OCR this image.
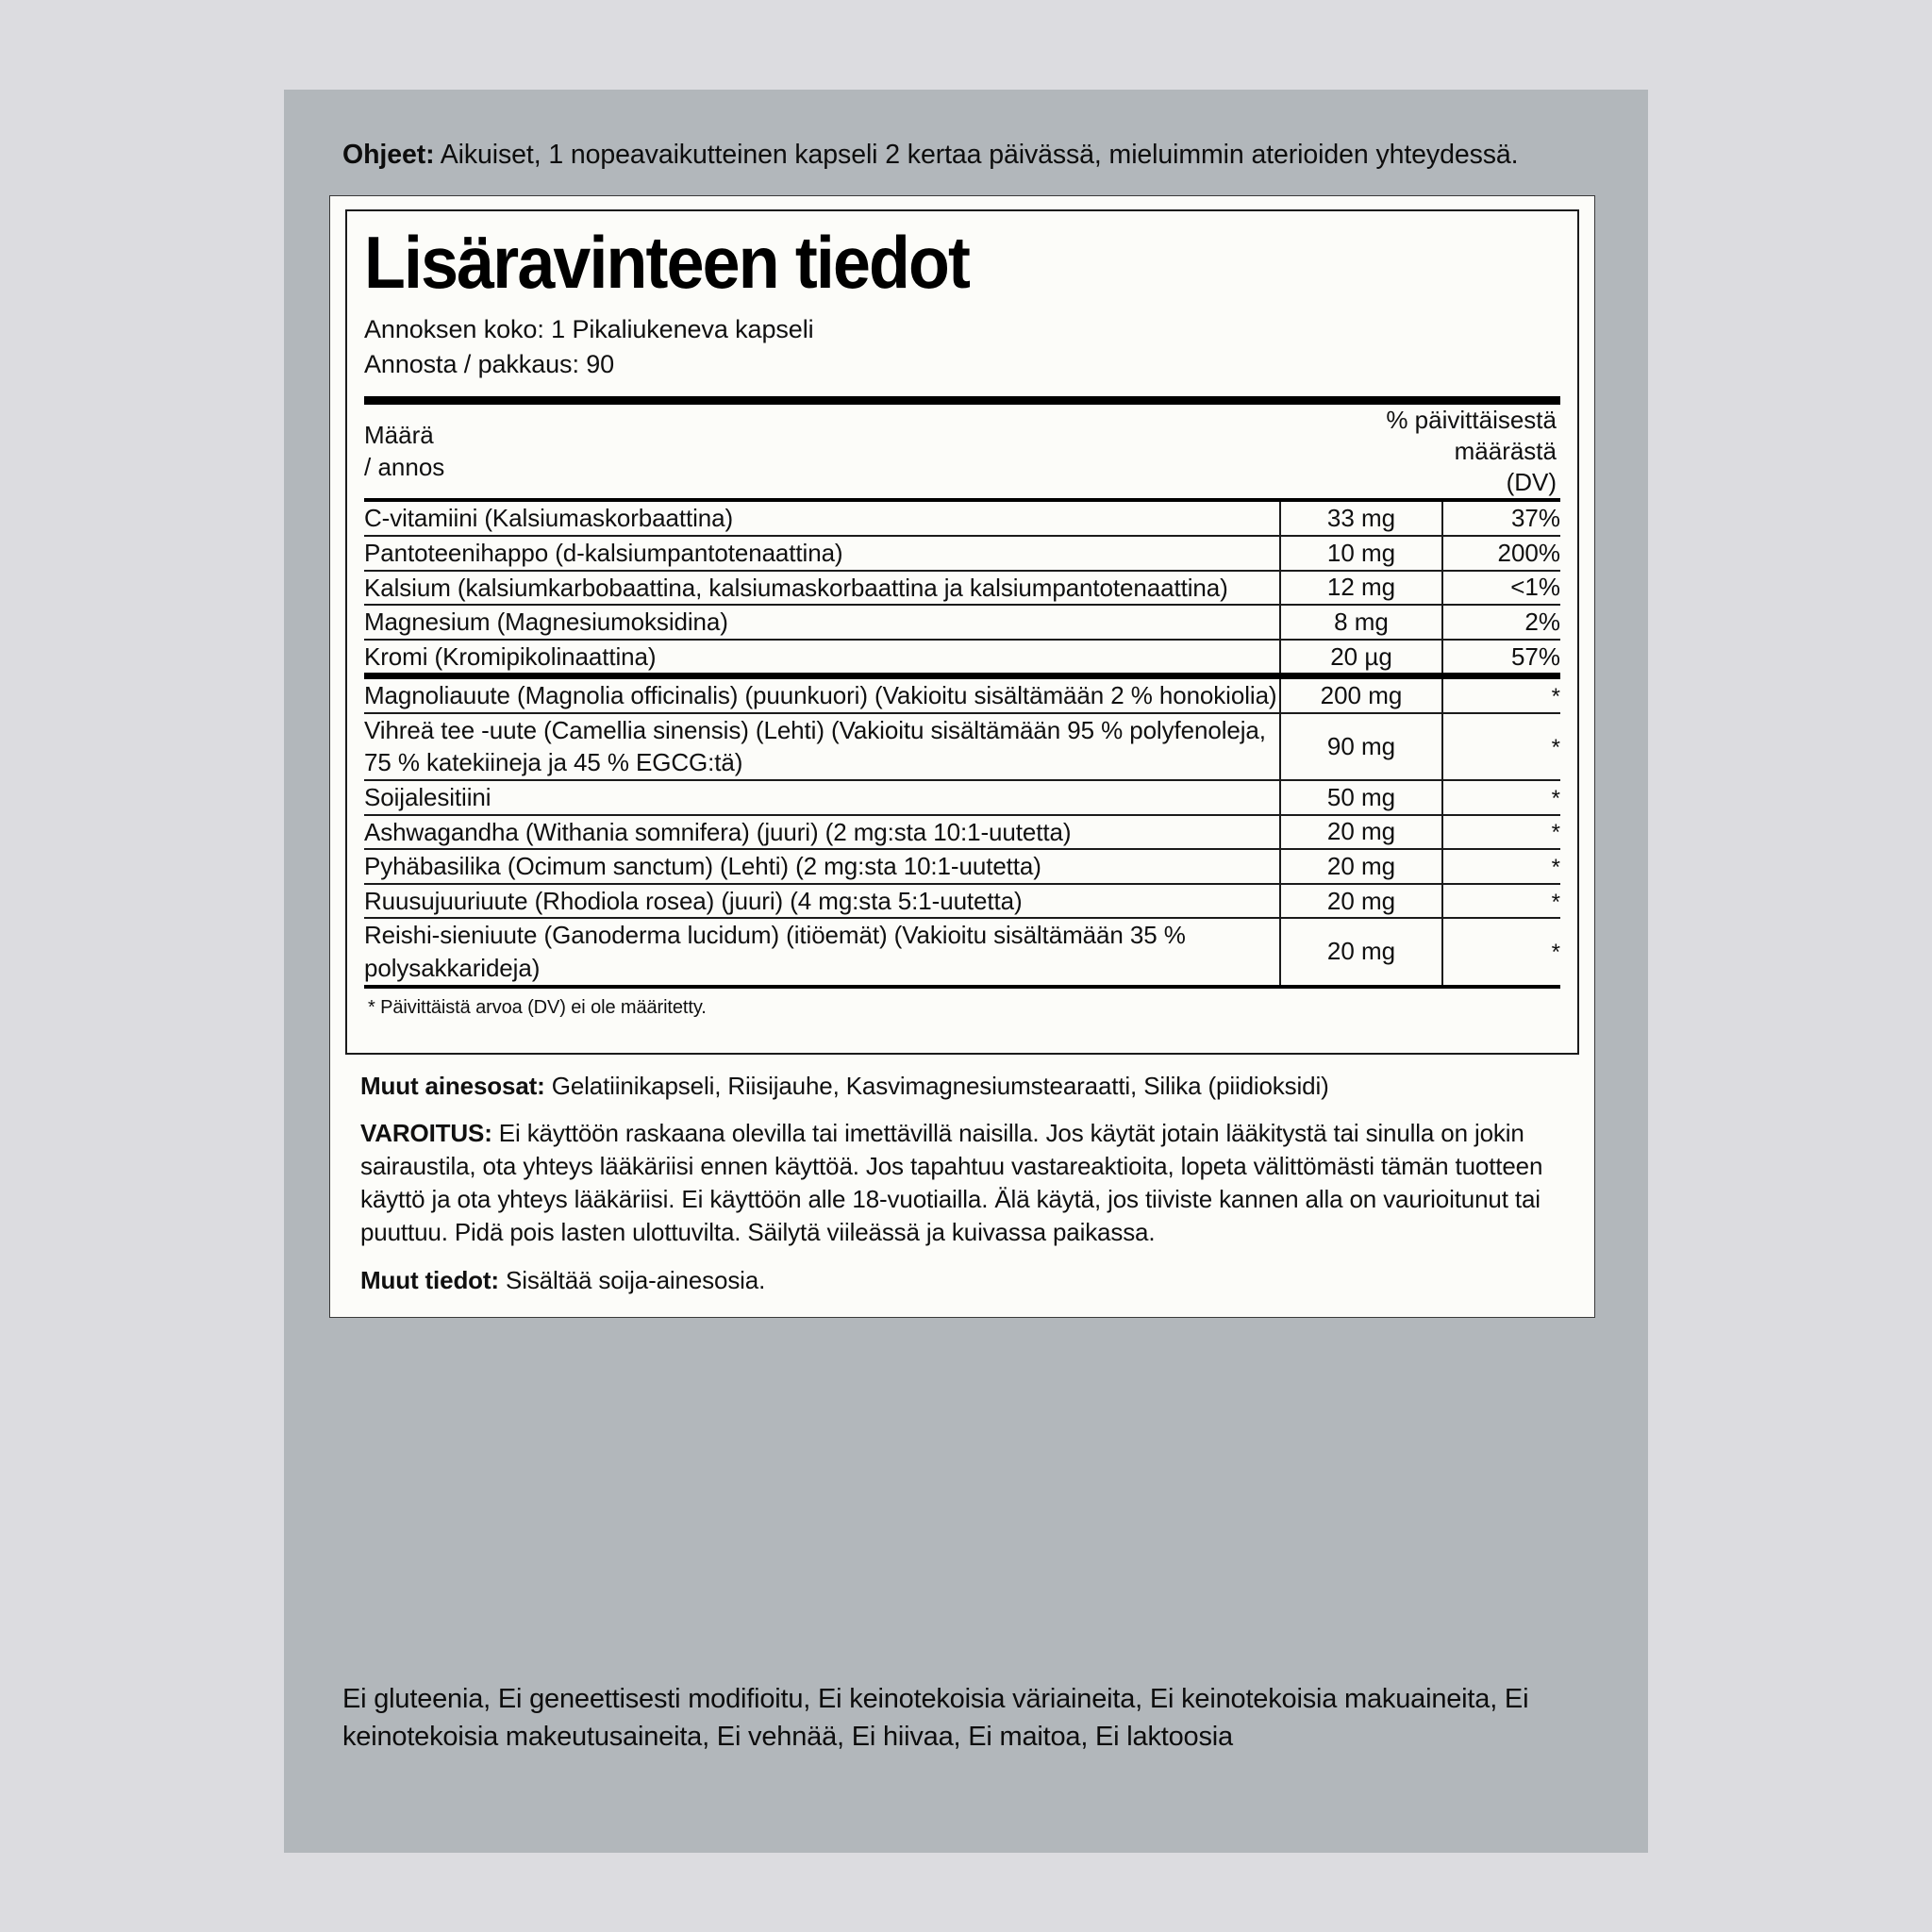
Ohjeet: Aikuiset, 1 nopeavaikutteinen kapseli 2 kertaa päivässä, mieluimmin aterioiden yhteydessä.
Lisäravinteen tiedot
Annoksen koko: 1 Pikaliukeneva kapseli
Annosta / pakkaus: 90
Määrä
/ annos

% päivittäisestä
määrästä
(DV)
C-vitamiini (Kalsiumaskorbaattina)	33 mg	37%
Pantoteenihappo (d-kalsiumpantotenaattina)	10 mg	200%
Kalsium (kalsiumkarbobaattina, kalsiumaskorbaattina ja kalsiumpantotenaattina)	12 mg	<1%
Magnesium (Magnesiumoksidina)	8 mg	2%
Kromi (Kromipikolinaattina)	20 µg	57%
Magnoliauute (Magnolia officinalis) (puunkuori) (Vakioitu sisältämään 2 % honokiolia)	200 mg	*
Vihreä tee -uute (Camellia sinensis) (Lehti) (Vakioitu sisältämään 95 % polyfenoleja, 75 % katekiineja ja 45 % EGCG:tä)	90 mg	*
Soijalesitiini	50 mg	*
Ashwagandha (Withania somnifera) (juuri) (2 mg:sta 10:1-uutetta)	20 mg	*
Pyhäbasilika (Ocimum sanctum) (Lehti) (2 mg:sta 10:1-uutetta)	20 mg	*
Ruusujuuriuute (Rhodiola rosea) (juuri) (4 mg:sta 5:1-uutetta)	20 mg	*
Reishi-sieniuute (Ganoderma lucidum) (itiöemät) (Vakioitu sisältämään 35 % polysakkarideja)	20 mg	*
* Päivittäistä arvoa (DV) ei ole määritetty.
Muut ainesosat: Gelatiinikapseli, Riisijauhe, Kasvimagnesiumstearaatti, Silika (piidioksidi)
VAROITUS: Ei käyttöön raskaana olevilla tai imettävillä naisilla. Jos käytät jotain lääkitystä tai sinulla on jokin sairaustila, ota yhteys lääkäriisi ennen käyttöä. Jos tapahtuu vastareaktioita, lopeta välittömästi tämän tuotteen käyttö ja ota yhteys lääkäriisi. Ei käyttöön alle 18-vuotiailla. Älä käytä, jos tiiviste kannen alla on vaurioitunut tai puuttuu. Pidä pois lasten ulottuvilta. Säilytä viileässä ja kuivassa paikassa.
Muut tiedot: Sisältää soija-ainesosia.
Ei gluteenia, Ei geneettisesti modifioitu, Ei keinotekoisia väriaineita, Ei keinotekoisia makuaineita, Ei keinotekoisia makeutusaineita, Ei vehnää, Ei hiivaa, Ei maitoa, Ei laktoosia
